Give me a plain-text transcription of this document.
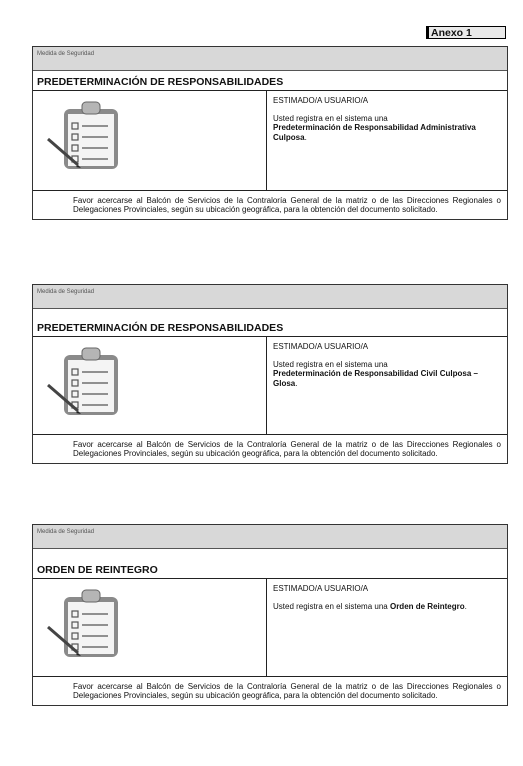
Anexo 1
Medida de Seguridad
PREDETERMINACIÓN DE RESPONSABILIDADES
ESTIMADO/A USUARIO/A
Usted registra en el sistema una
Predeterminación de Responsabilidad Administrativa Culposa.
Favor acercarse al Balcón de Servicios de la Contraloría General de la matriz o de las Direcciones Regionales o Delegaciones Provinciales, según su ubicación geográfica, para la obtención del documento solicitado.
Medida de Seguridad
PREDETERMINACIÓN DE RESPONSABILIDADES
ESTIMADO/A USUARIO/A
Usted registra en el sistema una
Predeterminación de Responsabilidad Civil Culposa – Glosa.
Favor acercarse al Balcón de Servicios de la Contraloría General de la matriz o de las Direcciones Regionales o Delegaciones Provinciales, según su ubicación geográfica, para la obtención del documento solicitado.
Medida de Seguridad
ORDEN DE REINTEGRO
ESTIMADO/A USUARIO/A
Usted registra en el sistema una Orden de Reintegro.
Favor acercarse al Balcón de Servicios de la Contraloría General de la matriz o de las Direcciones Regionales o Delegaciones Provinciales, según su ubicación geográfica, para la obtención del documento solicitado.
